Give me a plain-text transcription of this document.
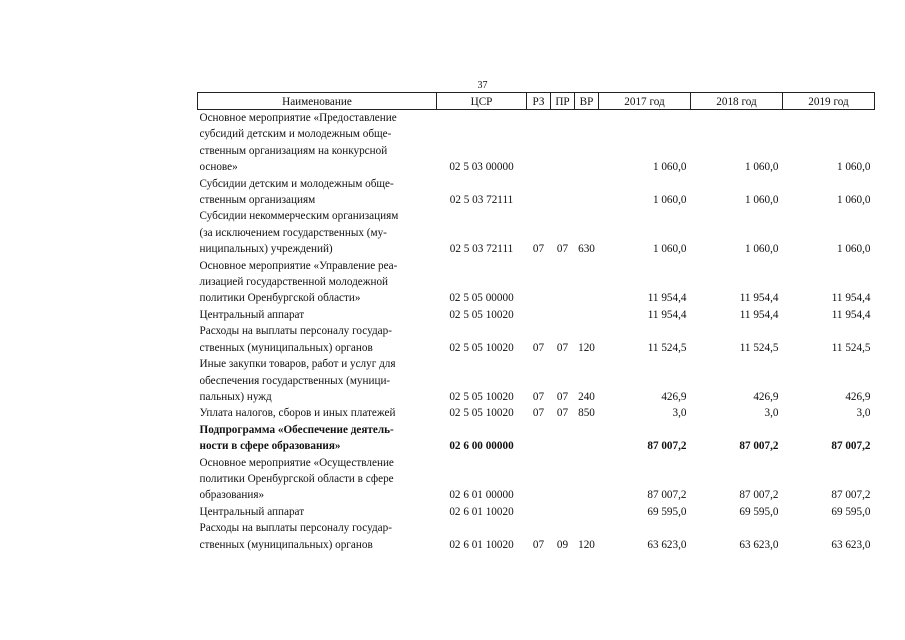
37
Наименование	ЦСР	РЗ	ПР	ВР	2017 год	2018 год	2019 год

Основное мероприятие «Предоставление
субсидий детским и молодежным обще-
ственным организациям на конкурсной
основе»	02 5 03 00000				1 060,0	1 060,0	1 060,0

Субсидии детским и молодежным обще-
ственным организациям	02 5 03 72111				1 060,0	1 060,0	1 060,0

Субсидии некоммерческим организациям
(за исключением государственных (му-
ниципальных) учреждений)	02 5 03 72111	07	07	630	1 060,0	1 060,0	1 060,0

Основное мероприятие «Управление реа-
лизацией государственной молодежной
политики Оренбургской области»	02 5 05 00000				11 954,4	11 954,4	11 954,4

Центральный аппарат	02 5 05 10020				11 954,4	11 954,4	11 954,4

Расходы на выплаты персоналу государ-
ственных (муниципальных) органов	02 5 05 10020	07	07	120	11 524,5	11 524,5	11 524,5

Иные закупки товаров, работ и услуг для
обеспечения государственных (муници-
пальных) нужд	02 5 05 10020	07	07	240	426,9	426,9	426,9

Уплата налогов, сборов и иных платежей	02 5 05 10020	07	07	850	3,0	3,0	3,0

Подпрограмма «Обеспечение деятель-
ности в сфере образования»	02 6 00 00000				87 007,2	87 007,2	87 007,2

Основное мероприятие «Осуществление
политики Оренбургской области в сфере
образования»	02 6 01 00000				87 007,2	87 007,2	87 007,2

Центральный аппарат	02 6 01 10020				69 595,0	69 595,0	69 595,0

Расходы на выплаты персоналу государ-
ственных (муниципальных) органов	02 6 01 10020	07	09	120	63 623,0	63 623,0	63 623,0
